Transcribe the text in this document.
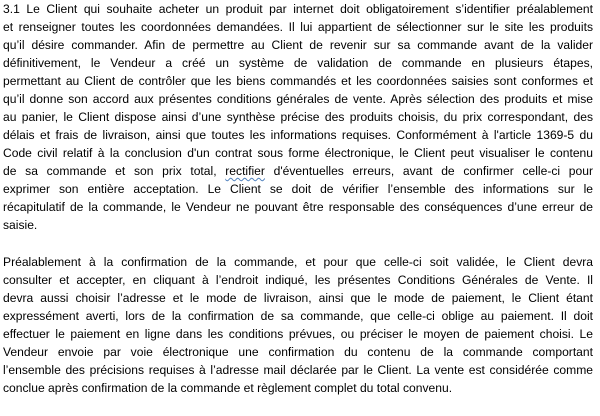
3.1 Le Client qui souhaite acheter un produit par internet doit obligatoirement s’identifier préalablement
et renseigner toutes les coordonnées demandées. Il lui appartient de sélectionner sur le site les produits
qu’il désire commander. Afin de permettre au Client de revenir sur sa commande avant de la valider
définitivement, le Vendeur a créé un système de validation de commande en plusieurs étapes,
permettant au Client de contrôler que les biens commandés et les coordonnées saisies sont conformes et
qu’il donne son accord aux présentes conditions générales de vente. Après sélection des produits et mise
au panier, le Client dispose ainsi d’une synthèse précise des produits choisis, du prix correspondant, des
délais et frais de livraison, ainsi que toutes les informations requises. Conformément à l'article 1369-5 du
Code civil relatif à la conclusion d'un contrat sous forme électronique, le Client peut visualiser le contenu
de sa commande et son prix total, rectifier d'éventuelles erreurs, avant de confirmer celle-ci pour
exprimer son entière acceptation. Le Client se doit de vérifier l’ensemble des informations sur le
récapitulatif de la commande, le Vendeur ne pouvant être responsable des conséquences d’une erreur de
saisie.
Préalablement à la confirmation de la commande, et pour que celle-ci soit validée, le Client devra
consulter et accepter, en cliquant à l’endroit indiqué, les présentes Conditions Générales de Vente. Il
devra aussi choisir l’adresse et le mode de livraison, ainsi que le mode de paiement, le Client étant
expressément averti, lors de la confirmation de sa commande, que celle-ci oblige au paiement. Il doit
effectuer le paiement en ligne dans les conditions prévues, ou préciser le moyen de paiement choisi. Le
Vendeur envoie par voie électronique une confirmation du contenu de la commande comportant
l’ensemble des précisions requises à l’adresse mail déclarée par le Client. La vente est considérée comme
conclue après confirmation de la commande et règlement complet du total convenu.
